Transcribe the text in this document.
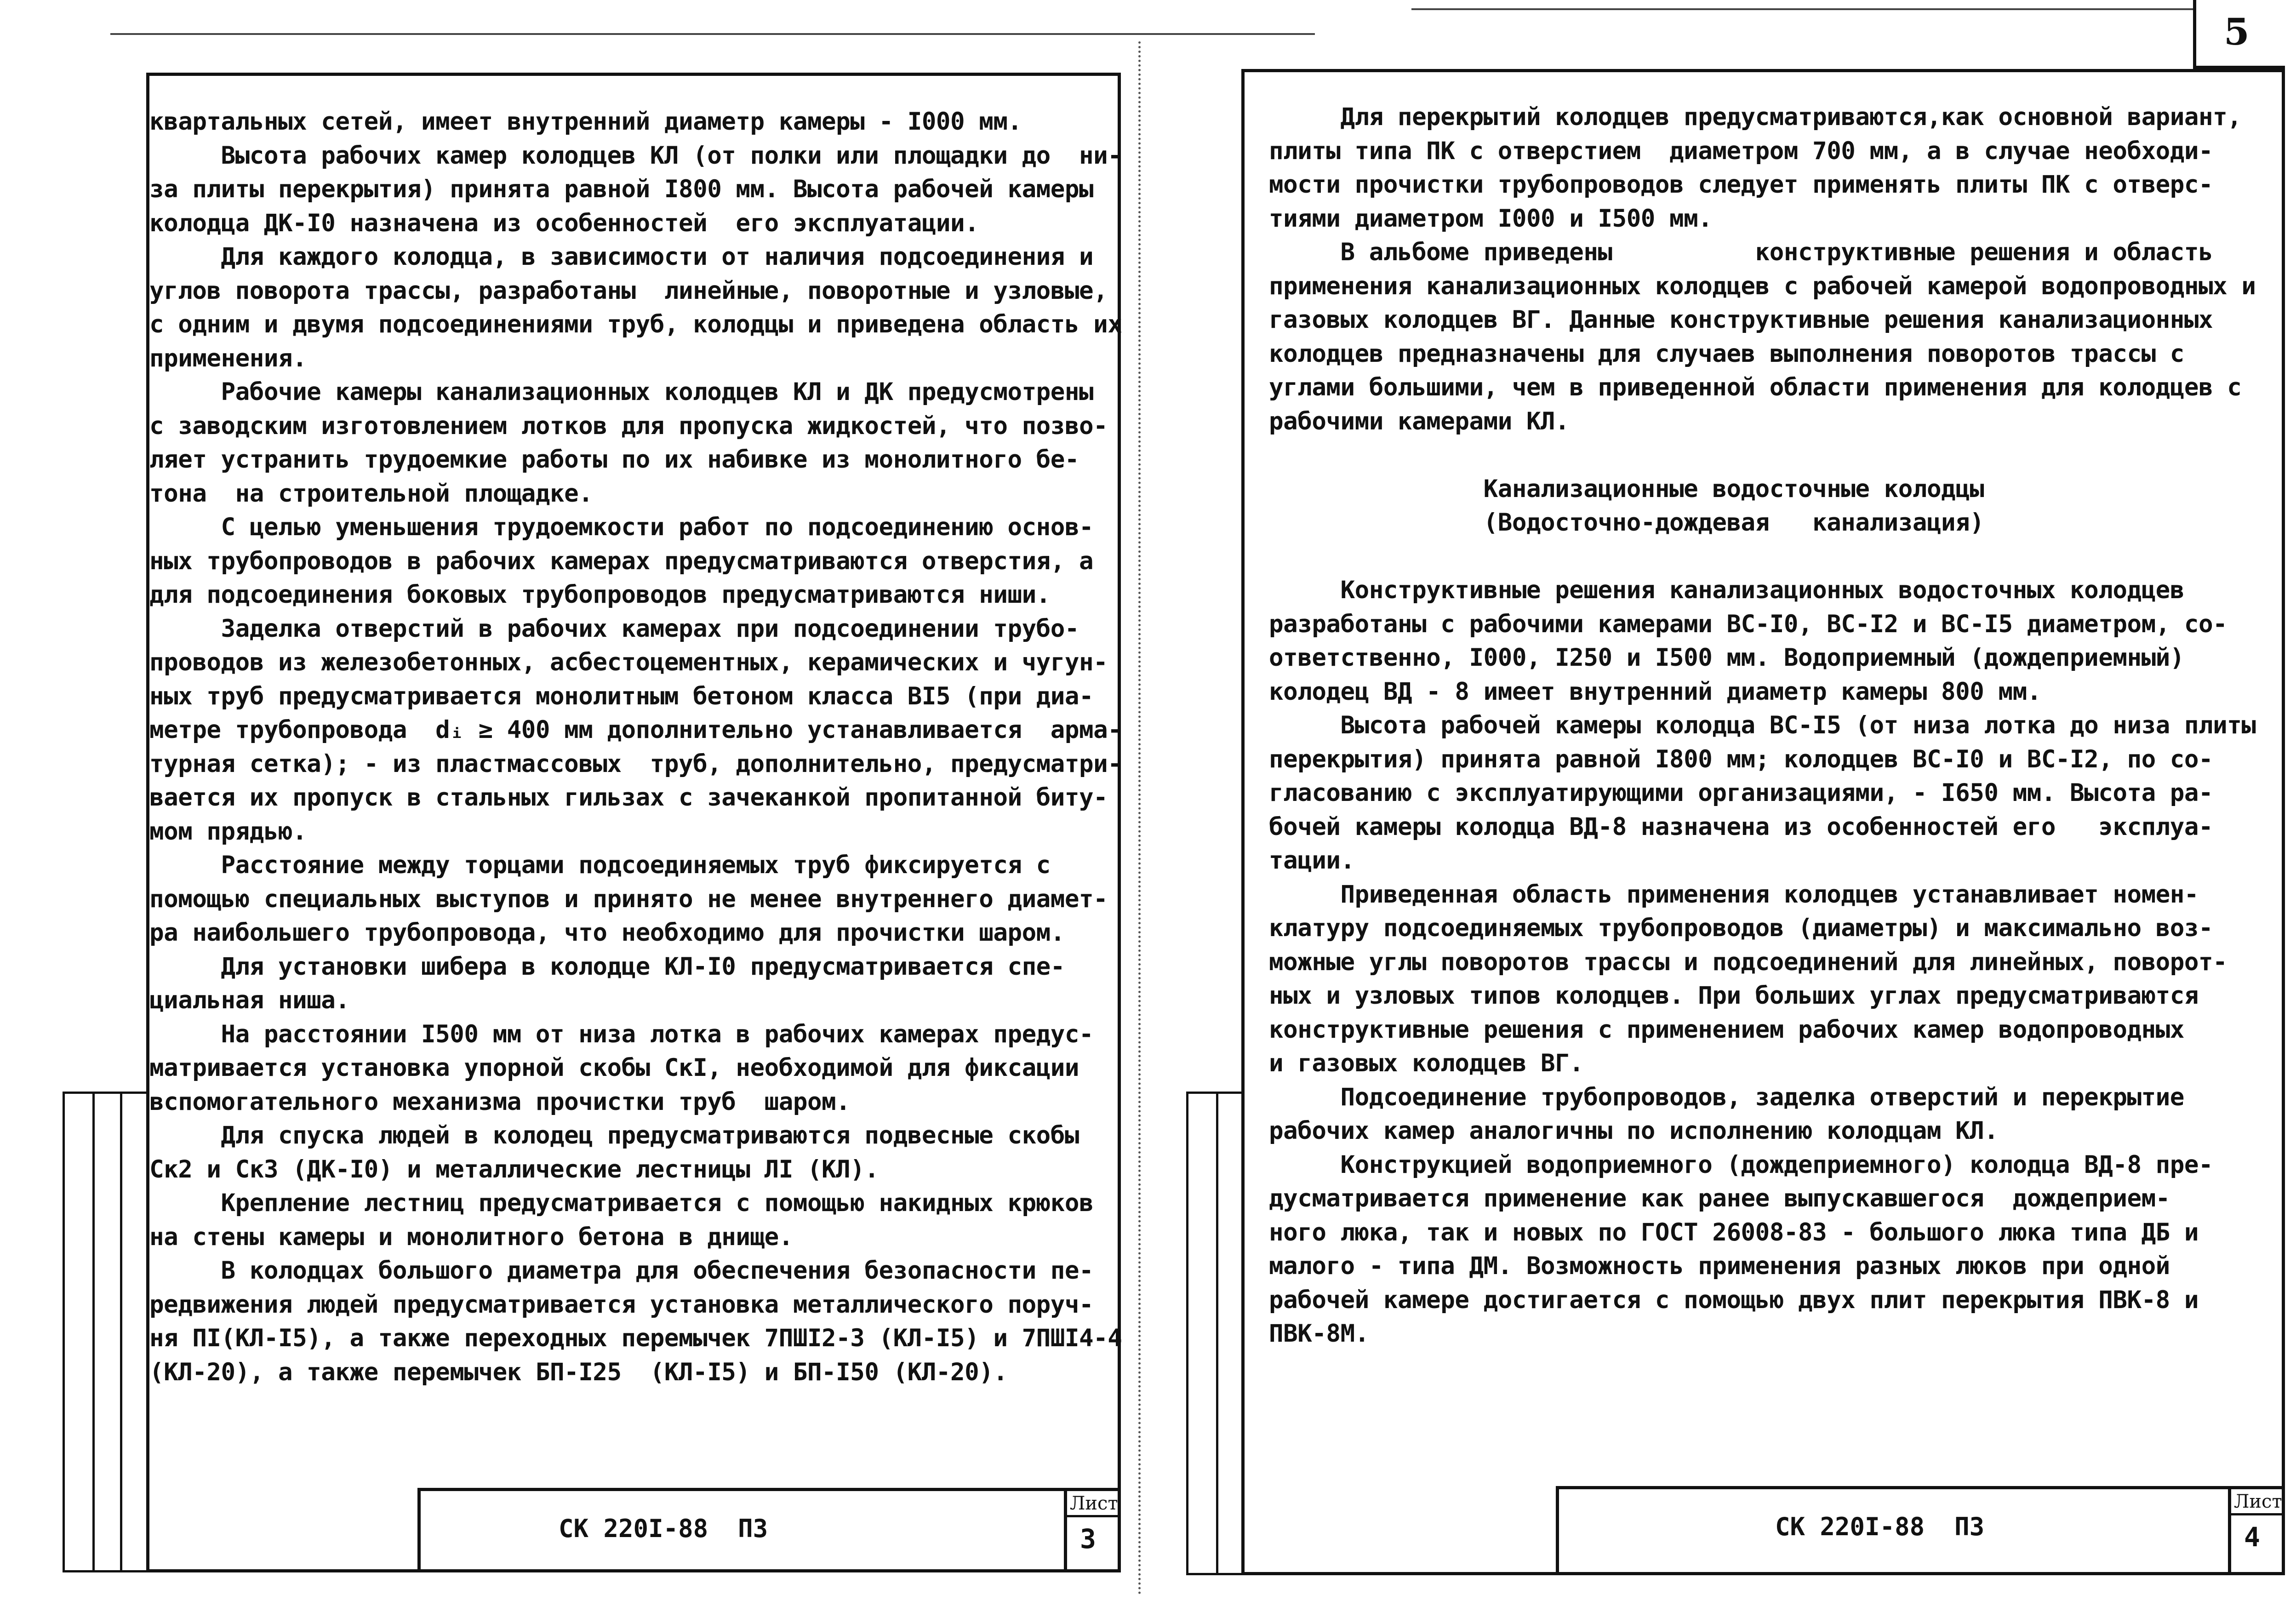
5
квартальных сетей, имеет внутренний диаметр камеры - I000 мм.
Высота рабочих камер колодцев КЛ (от полки или площадки до  ни-
за плиты перекрытия) принята равной I800 мм. Высота рабочей камеры
колодца ДК-I0 назначена из особенностей  его эксплуатации.
Для каждого колодца, в зависимости от наличия подсоединения и
углов поворота трассы, разработаны  линейные, поворотные и узловые,
с одним и двумя подсоединениями труб, колодцы и приведена область их
применения.
Рабочие камеры канализационных колодцев КЛ и ДК предусмотрены
с заводским изготовлением лотков для пропуска жидкостей, что позво-
ляет устранить трудоемкие работы по их набивке из монолитного бе-
тона  на строительной площадке.
С целью уменьшения трудоемкости работ по подсоединению основ-
ных трубопроводов в рабочих камерах предусматриваются отверстия, а
для подсоединения боковых трубопроводов предусматриваются ниши.
Заделка отверстий в рабочих камерах при подсоединении трубо-
проводов из железобетонных, асбестоцементных, керамических и чугун-
ных труб предусматривается монолитным бетоном класса BI5 (при диа-
метре трубопровода  dᵢ ≥ 400 мм дополнительно устанавливается  арма-
турная сетка); - из пластмассовых  труб, дополнительно, предусматри-
вается их пропуск в стальных гильзах с зачеканкой пропитанной биту-
мом прядью.
Расстояние между торцами подсоединяемых труб фиксируется с
помощью специальных выступов и принято не менее внутреннего диамет-
ра наибольшего трубопровода, что необходимо для прочистки шаром.
Для установки шибера в колодце КЛ-I0 предусматривается спе-
циальная ниша.
На расстоянии I500 мм от низа лотка в рабочих камерах предус-
матривается установка упорной скобы СкI, необходимой для фиксации
вспомогательного механизма прочистки труб  шаром.
Для спуска людей в колодец предусматриваются подвесные скобы
Ск2 и Ск3 (ДК-I0) и металлические лестницы ЛI (КЛ).
Крепление лестниц предусматривается с помощью накидных крюков
на стены камеры и монолитного бетона в днище.
В колодцах большого диаметра для обеспечения безопасности пе-
редвижения людей предусматривается установка металлического поруч-
ня ПI(КЛ-I5), а также переходных перемычек 7ПШI2-3 (КЛ-I5) и 7ПШI4-4
(КЛ-20), а также перемычек БП-I25  (КЛ-I5) и БП-I50 (КЛ-20).
СК 220I-88  ПЗ
Лист
3
Для перекрытий колодцев предусматриваются,как основной вариант,
плиты типа ПК с отверстием  диаметром 700 мм, а в случае необходи-
мости прочистки трубопроводов следует применять плиты ПК с отверс-
тиями диаметром I000 и I500 мм.
В альбоме приведены          конструктивные решения и область
применения канализационных колодцев с рабочей камерой водопроводных и
газовых колодцев ВГ. Данные конструктивные решения канализационных
колодцев предназначены для случаев выполнения поворотов трассы с
углами большими, чем в приведенной области применения для колодцев с
рабочими камерами КЛ.
Канализационные водосточные колодцы
(Водосточно-дождевая   канализация)
Конструктивные решения канализационных водосточных колодцев
разработаны с рабочими камерами ВС-I0, ВС-I2 и ВС-I5 диаметром, со-
ответственно, I000, I250 и I500 мм. Водоприемный (дождеприемный)
колодец ВД - 8 имеет внутренний диаметр камеры 800 мм.
Высота рабочей камеры колодца ВС-I5 (от низа лотка до низа плиты
перекрытия) принята равной I800 мм; колодцев ВС-I0 и ВС-I2, по со-
гласованию с эксплуатирующими организациями, - I650 мм. Высота ра-
бочей камеры колодца ВД-8 назначена из особенностей его   эксплуа-
тации.
Приведенная область применения колодцев устанавливает номен-
клатуру подсоединяемых трубопроводов (диаметры) и максимально воз-
можные углы поворотов трассы и подсоединений для линейных, поворот-
ных и узловых типов колодцев. При больших углах предусматриваются
конструктивные решения с применением рабочих камер водопроводных
и газовых колодцев ВГ.
Подсоединение трубопроводов, заделка отверстий и перекрытие
рабочих камер аналогичны по исполнению колодцам КЛ.
Конструкцией водоприемного (дождеприемного) колодца ВД-8 пре-
дусматривается применение как ранее выпускавшегося  дождеприем-
ного люка, так и новых по ГОСТ 26008-83 - большого люка типа ДБ и
малого - типа ДМ. Возможность применения разных люков при одной
рабочей камере достигается с помощью двух плит перекрытия ПВК-8 и
ПВК-8М.
СК 220I-88  ПЗ
Лист
4
